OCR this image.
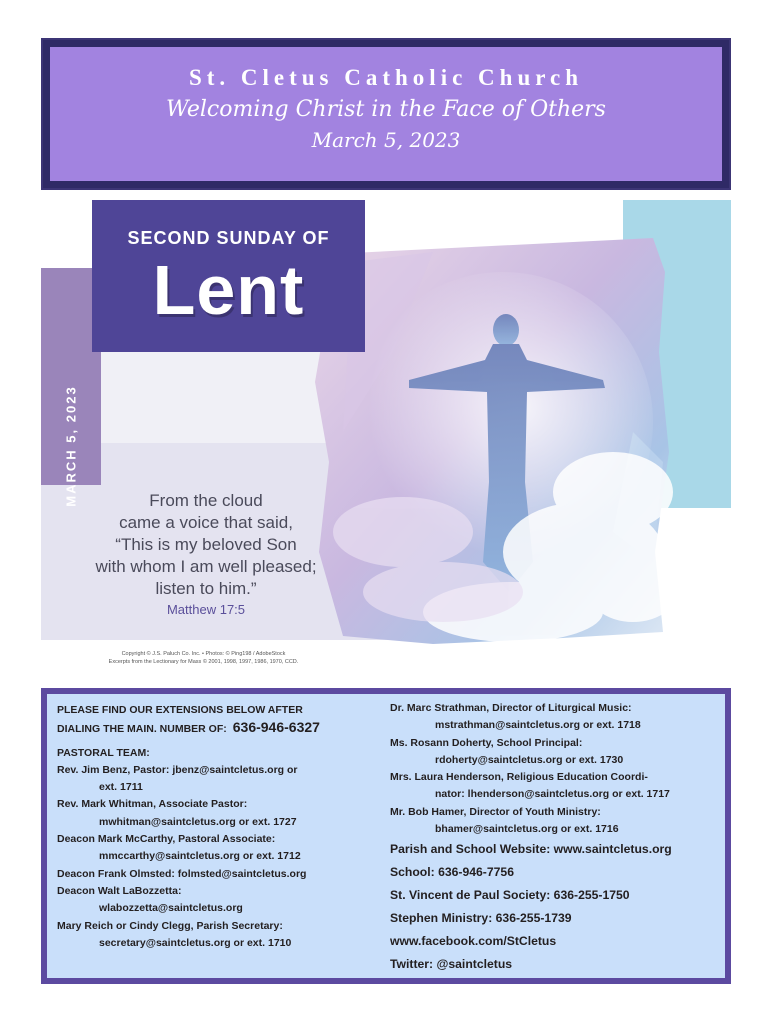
St. Cletus Catholic Church
Welcoming Christ in the Face of Others
March 5, 2023
MARCH 5, 2023
SECOND SUNDAY OF
Lent
From the cloud
came a voice that said,
“This is my beloved Son
with whom I am well pleased;
listen to him.”
Matthew 17:5
Copyright © J.S. Paluch Co. Inc. • Photos: © Ping198 / AdobeStock
Excerpts from the Lectionary for Mass © 2001, 1998, 1997, 1986, 1970, CCD.
PLEASE FIND OUR EXTENSIONS BELOW AFTER
DIALING THE MAIN. NUMBER OF: 636-946-6327
PASTORAL TEAM:
Rev. Jim Benz, Pastor: jbenz@saintcletus.org or
ext. 1711
Rev. Mark Whitman, Associate Pastor:
mwhitman@saintcletus.org or ext. 1727
Deacon Mark McCarthy, Pastoral Associate:
mmccarthy@saintcletus.org or ext. 1712
Deacon Frank Olmsted: folmsted@saintcletus.org
Deacon Walt LaBozzetta:
wlabozzetta@saintcletus.org
Mary Reich or Cindy Clegg, Parish Secretary:
secretary@saintcletus.org or ext. 1710
Dr. Marc Strathman, Director of Liturgical Music:
mstrathman@saintcletus.org or ext. 1718
Ms. Rosann Doherty, School Principal:
rdoherty@saintcletus.org or ext. 1730
Mrs. Laura Henderson, Religious Education Coordi-
nator: lhenderson@saintcletus.org or ext. 1717
Mr. Bob Hamer, Director of Youth Ministry:
bhamer@saintcletus.org or ext. 1716
Parish and School Website: www.saintcletus.org
School: 636-946-7756
St. Vincent de Paul Society: 636-255-1750
Stephen Ministry: 636-255-1739
www.facebook.com/StCletus
Twitter: @saintcletus
